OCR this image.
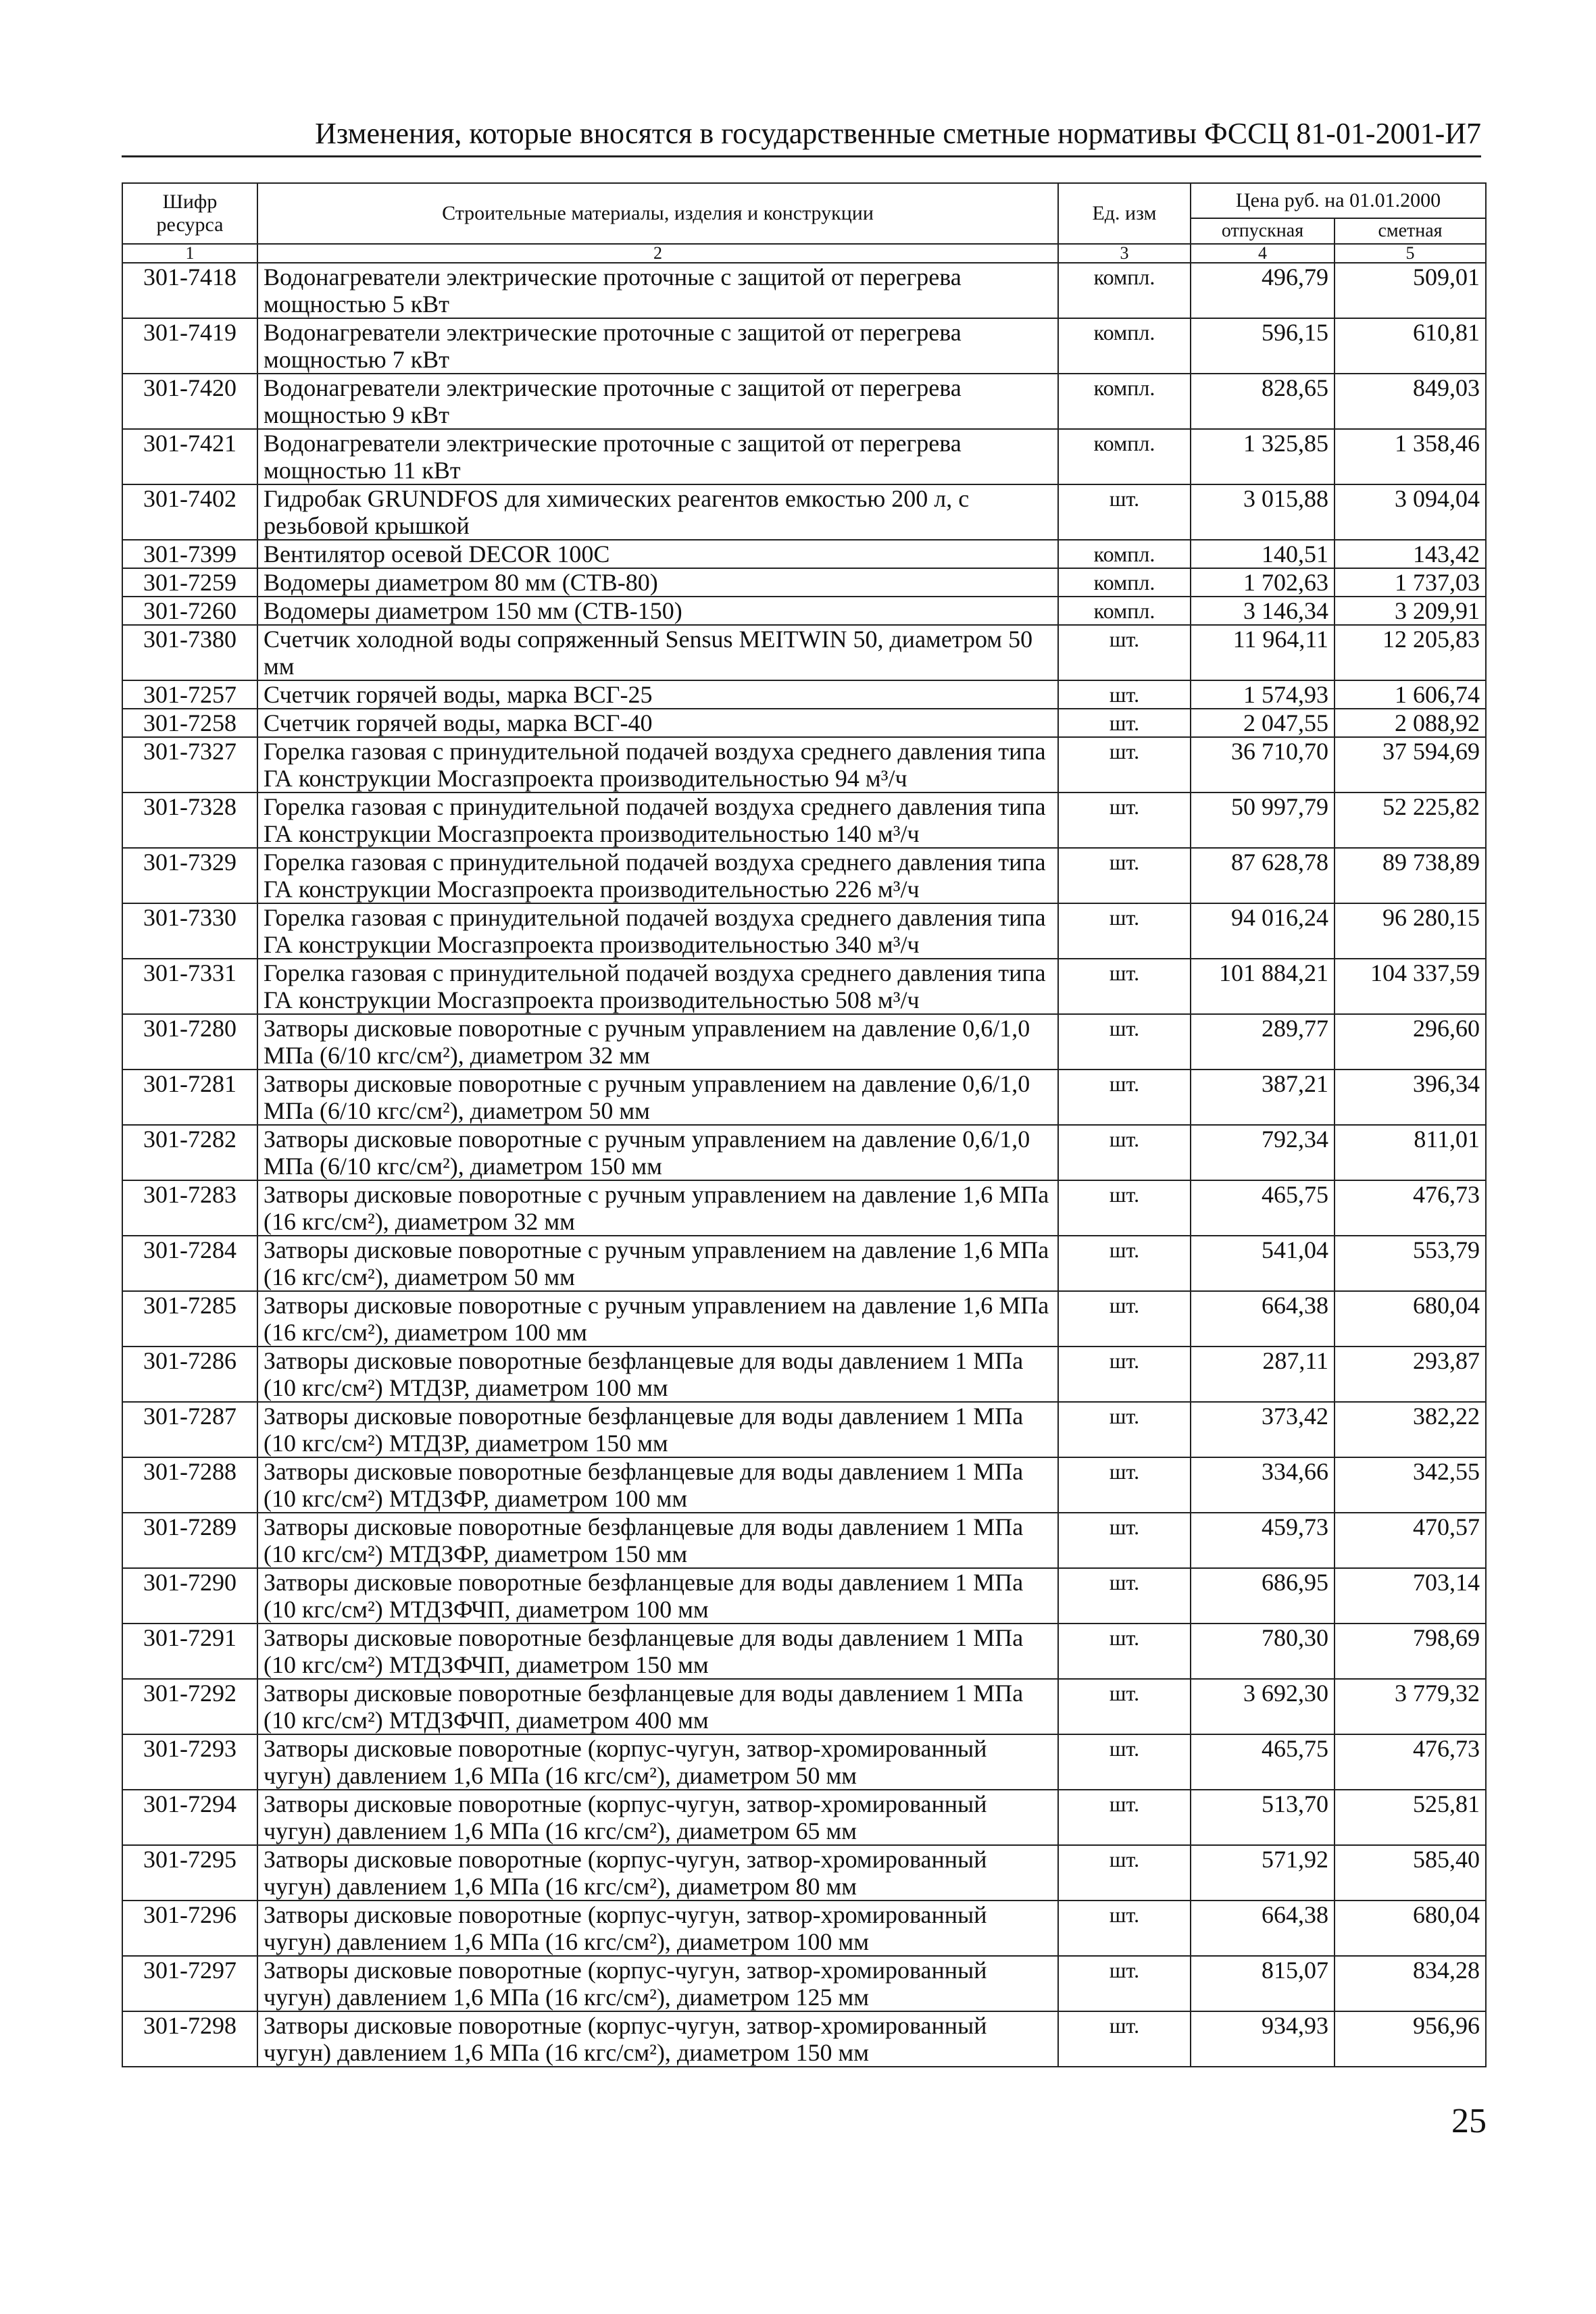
Изменения, которые вносятся в государственные сметные нормативы ФССЦ 81-01-2001-И7
Шифр ресурса	Строительные материалы, изделия и конструкции	Ед. изм	Цена руб. на 01.01.2000	
			отпускная	сметная
1	2	3	4	5
301-7418	Водонагреватели электрические проточные с защитой от перегрева мощностью 5 кВт	компл.	496,79	509,01
301-7419	Водонагреватели электрические проточные с защитой от перегрева мощностью 7 кВт	компл.	596,15	610,81
301-7420	Водонагреватели электрические проточные с защитой от перегрева мощностью 9 кВт	компл.	828,65	849,03
301-7421	Водонагреватели электрические проточные с защитой от перегрева мощностью 11 кВт	компл.	1 325,85	1 358,46
301-7402	Гидробак GRUNDFOS для химических реагентов емкостью 200 л, с резьбовой крышкой	шт.	3 015,88	3 094,04
301-7399	Вентилятор осевой DECOR 100C	компл.	140,51	143,42
301-7259	Водомеры диаметром 80 мм (СТВ-80)	компл.	1 702,63	1 737,03
301-7260	Водомеры диаметром 150 мм (СТВ-150)	компл.	3 146,34	3 209,91
301-7380	Счетчик холодной воды сопряженный Sensus MEITWIN 50, диаметром 50 мм	шт.	11 964,11	12 205,83
301-7257	Счетчик горячей воды, марка ВСГ-25	шт.	1 574,93	1 606,74
301-7258	Счетчик горячей воды, марка ВСГ-40	шт.	2 047,55	2 088,92
301-7327	Горелка газовая с принудительной подачей воздуха среднего давления типа ГА конструкции Мосгазпроекта производительностью 94 м³/ч	шт.	36 710,70	37 594,69
301-7328	Горелка газовая с принудительной подачей воздуха среднего давления типа ГА конструкции Мосгазпроекта производительностью 140 м³/ч	шт.	50 997,79	52 225,82
301-7329	Горелка газовая с принудительной подачей воздуха среднего давления типа ГА конструкции Мосгазпроекта производительностью 226 м³/ч	шт.	87 628,78	89 738,89
301-7330	Горелка газовая с принудительной подачей воздуха среднего давления типа ГА конструкции Мосгазпроекта производительностью 340 м³/ч	шт.	94 016,24	96 280,15
301-7331	Горелка газовая с принудительной подачей воздуха среднего давления типа ГА конструкции Мосгазпроекта производительностью 508 м³/ч	шт.	101 884,21	104 337,59
301-7280	Затворы дисковые поворотные с ручным управлением на давление 0,6/1,0 МПа (6/10 кгс/см²), диаметром 32 мм	шт.	289,77	296,60
301-7281	Затворы дисковые поворотные с ручным управлением на давление 0,6/1,0 МПа (6/10 кгс/см²), диаметром 50 мм	шт.	387,21	396,34
301-7282	Затворы дисковые поворотные с ручным управлением на давление 0,6/1,0 МПа (6/10 кгс/см²), диаметром 150 мм	шт.	792,34	811,01
301-7283	Затворы дисковые поворотные с ручным управлением на давление 1,6 МПа (16 кгс/см²), диаметром 32 мм	шт.	465,75	476,73
301-7284	Затворы дисковые поворотные с ручным управлением на давление 1,6 МПа (16 кгс/см²), диаметром 50 мм	шт.	541,04	553,79
301-7285	Затворы дисковые поворотные с ручным управлением на давление 1,6 МПа (16 кгс/см²), диаметром 100 мм	шт.	664,38	680,04
301-7286	Затворы дисковые поворотные безфланцевые для воды давлением 1 МПа (10 кгс/см²) МТДЗР, диаметром 100 мм	шт.	287,11	293,87
301-7287	Затворы дисковые поворотные безфланцевые для воды давлением 1 МПа (10 кгс/см²) МТДЗР, диаметром 150 мм	шт.	373,42	382,22
301-7288	Затворы дисковые поворотные безфланцевые для воды давлением 1 МПа (10 кгс/см²) МТДЗФР, диаметром 100 мм	шт.	334,66	342,55
301-7289	Затворы дисковые поворотные безфланцевые для воды давлением 1 МПа (10 кгс/см²) МТДЗФР, диаметром 150 мм	шт.	459,73	470,57
301-7290	Затворы дисковые поворотные безфланцевые для воды давлением 1 МПа (10 кгс/см²) МТДЗФЧП, диаметром 100 мм	шт.	686,95	703,14
301-7291	Затворы дисковые поворотные безфланцевые для воды давлением 1 МПа (10 кгс/см²) МТДЗФЧП, диаметром 150 мм	шт.	780,30	798,69
301-7292	Затворы дисковые поворотные безфланцевые для воды давлением 1 МПа (10 кгс/см²) МТДЗФЧП, диаметром 400 мм	шт.	3 692,30	3 779,32
301-7293	Затворы дисковые поворотные (корпус-чугун, затвор-хромированный чугун) давлением 1,6 МПа (16 кгс/см²), диаметром 50 мм	шт.	465,75	476,73
301-7294	Затворы дисковые поворотные (корпус-чугун, затвор-хромированный чугун) давлением 1,6 МПа (16 кгс/см²), диаметром 65 мм	шт.	513,70	525,81
301-7295	Затворы дисковые поворотные (корпус-чугун, затвор-хромированный чугун) давлением 1,6 МПа (16 кгс/см²), диаметром 80 мм	шт.	571,92	585,40
301-7296	Затворы дисковые поворотные (корпус-чугун, затвор-хромированный чугун) давлением 1,6 МПа (16 кгс/см²), диаметром 100 мм	шт.	664,38	680,04
301-7297	Затворы дисковые поворотные (корпус-чугун, затвор-хромированный чугун) давлением 1,6 МПа (16 кгс/см²), диаметром 125 мм	шт.	815,07	834,28
301-7298	Затворы дисковые поворотные (корпус-чугун, затвор-хромированный чугун) давлением 1,6 МПа (16 кгс/см²), диаметром 150 мм	шт.	934,93	956,96
25
